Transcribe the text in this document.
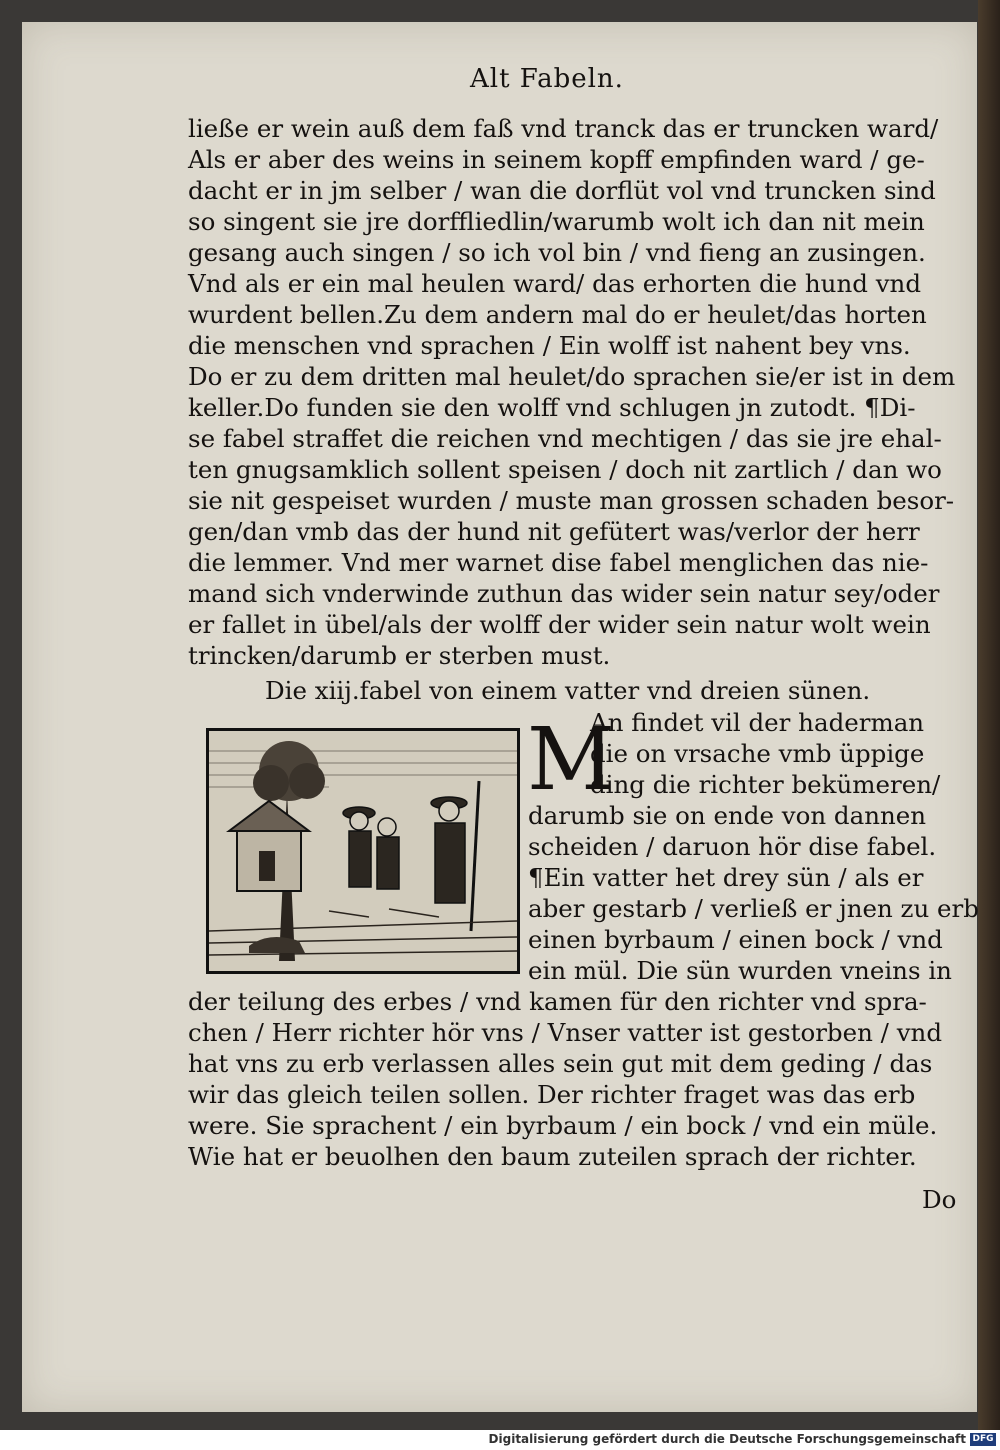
Alt Fabeln.
ließe er wein auß dem faß vnd tranck das er truncken ward/
Als er aber des weins in seinem kopff empfinden ward / ge-
dacht er in jm selber / wan die dorflüt vol vnd truncken sind
so singent sie jre dorffliedlin/warumb wolt ich dan nit mein
gesang auch singen / so ich vol bin / vnd fieng an zusingen.
Vnd als er ein mal heulen ward/ das erhorten die hund vnd
wurdent bellen.Zu dem andern mal do er heulet/das horten
die menschen vnd sprachen / Ein wolff ist nahent bey vns.
Do er zu dem dritten mal heulet/do sprachen sie/er ist in dem
keller.Do funden sie den wolff vnd schlugen jn zutodt. ¶Di-
se fabel straffet die reichen vnd mechtigen / das sie jre ehal-
ten gnugsamklich sollent speisen / doch nit zartlich / dan wo
sie nit gespeiset wurden / muste man grossen schaden besor-
gen/dan vmb das der hund nit gefütert was/verlor der herr
die lemmer. Vnd mer warnet dise fabel menglichen das nie-
mand sich vnderwinde zuthun das wider sein natur sey/oder
er fallet in übel/als der wolff der wider sein natur wolt wein
trincken/darumb er sterben must.
Die xiij.fabel von einem vatter vnd dreien sünen.
M
An findet vil der haderman
die on vrsache vmb üppige
ding die richter bekümeren/
darumb sie on ende von dannen
scheiden / daruon hör dise fabel.
¶Ein vatter het drey sün / als er
aber gestarb / verließ er jnen zu erb
einen byrbaum / einen bock / vnd
ein mül. Die sün wurden vneins in
der teilung des erbes / vnd kamen für den richter vnd spra-
chen / Herr richter hör vns / Vnser vatter ist gestorben / vnd
hat vns zu erb verlassen alles sein gut mit dem geding / das
wir das gleich teilen sollen. Der richter fraget was das erb
were. Sie sprachent / ein byrbaum / ein bock / vnd ein müle.
Wie hat er beuolhen den baum zuteilen sprach der richter.
Do
Digitalisierung gefördert durch die Deutsche Forschungsgemeinschaft DFG
